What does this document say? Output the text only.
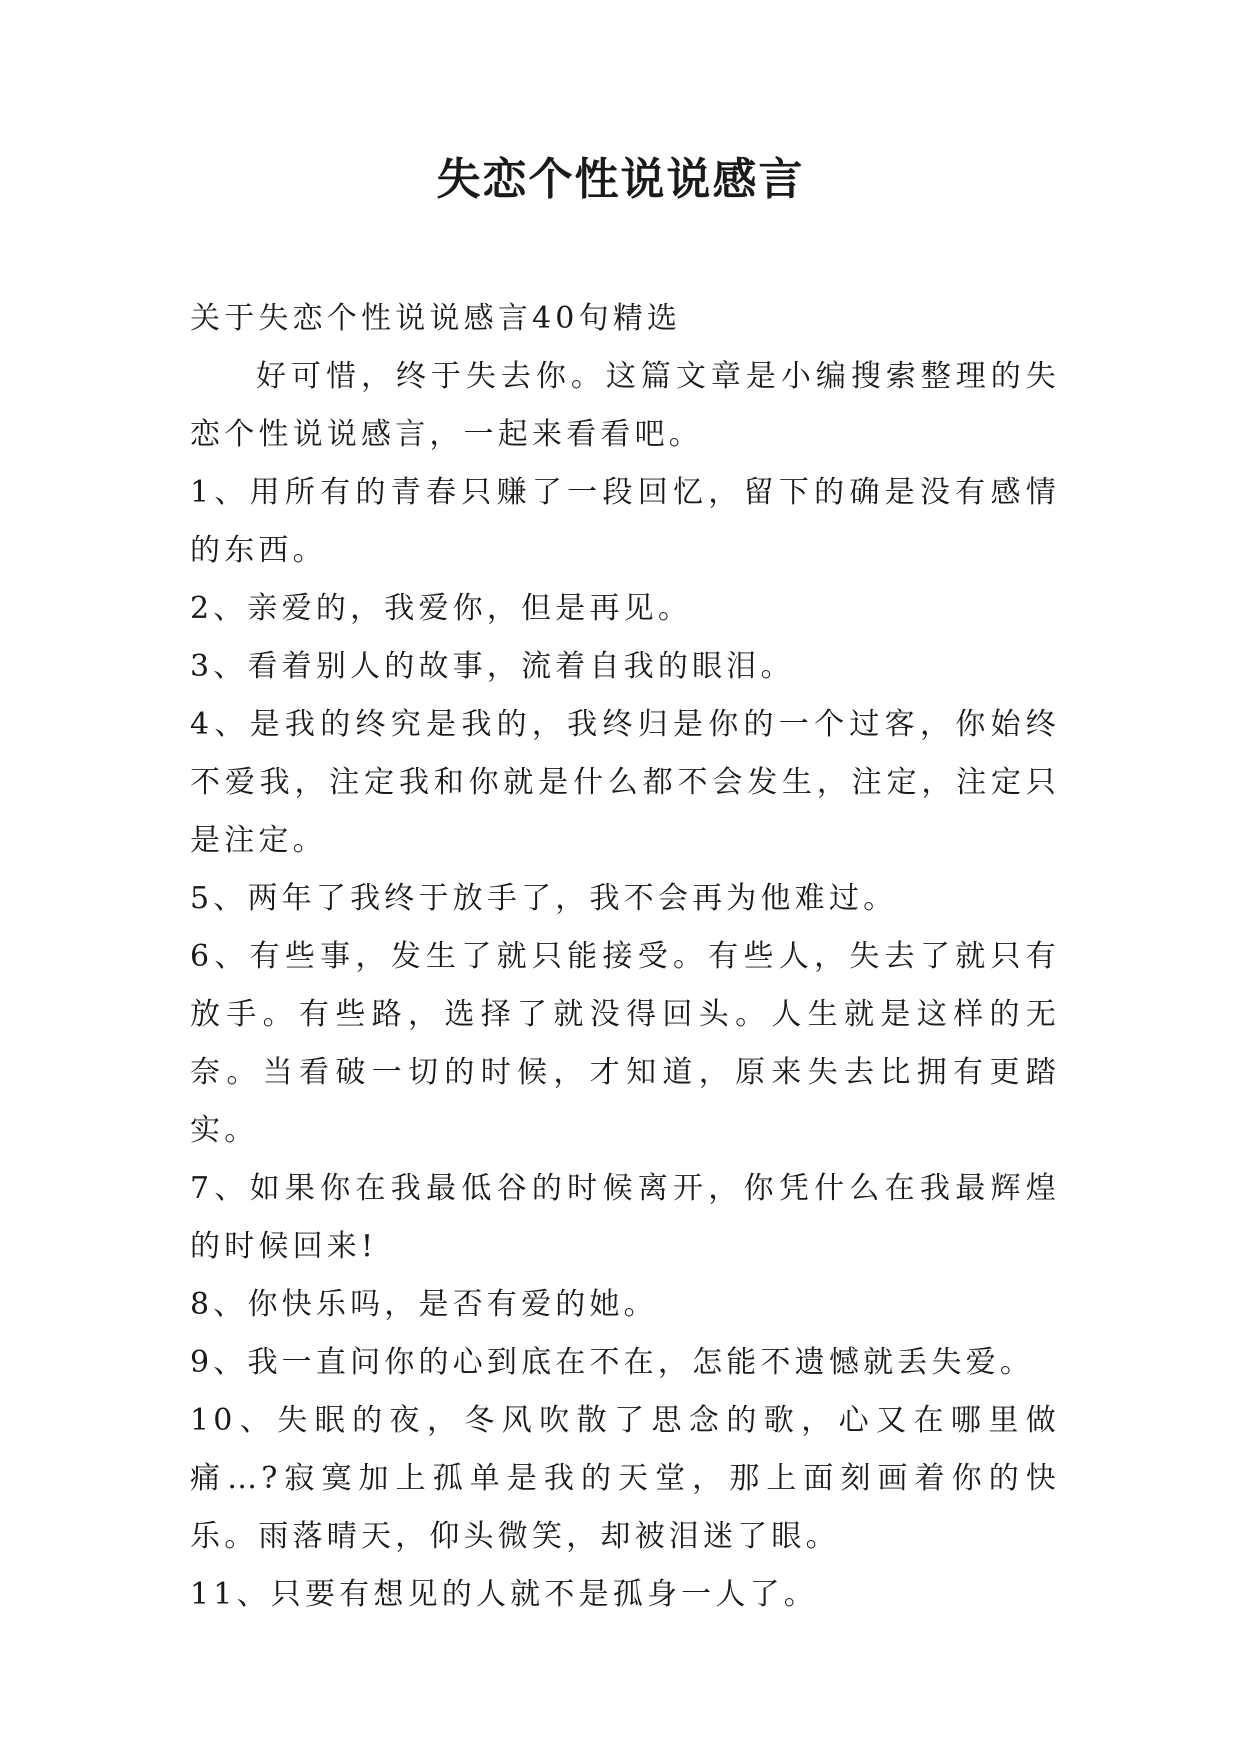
失恋个性说说感言

关于失恋个性说说感言40句精选

好可惜，终于失去你。这篇文章是小编搜索整理的失恋个性说说感言，一起来看看吧。

1、用所有的青春只赚了一段回忆，留下的确是没有感情的东西。

2、亲爱的，我爱你，但是再见。

3、看着别人的故事，流着自我的眼泪。

4、是我的终究是我的，我终归是你的一个过客，你始终不爱我，注定我和你就是什么都不会发生，注定，注定只是注定。

5、两年了我终于放手了，我不会再为他难过。

6、有些事，发生了就只能接受。有些人，失去了就只有放手。有些路，选择了就没得回头。人生就是这样的无奈。当看破一切的时候，才知道，原来失去比拥有更踏实。

7、如果你在我最低谷的时候离开，你凭什么在我最辉煌的时候回来!

8、你快乐吗，是否有爱的她。

9、我一直问你的心到底在不在，怎能不遗憾就丢失爱。

10、失眠的夜，冬风吹散了思念的歌，心又在哪里做痛…?寂寞加上孤单是我的天堂，那上面刻画着你的快乐。雨落晴天，仰头微笑，却被泪迷了眼。

11、只要有想见的人就不是孤身一人了。
